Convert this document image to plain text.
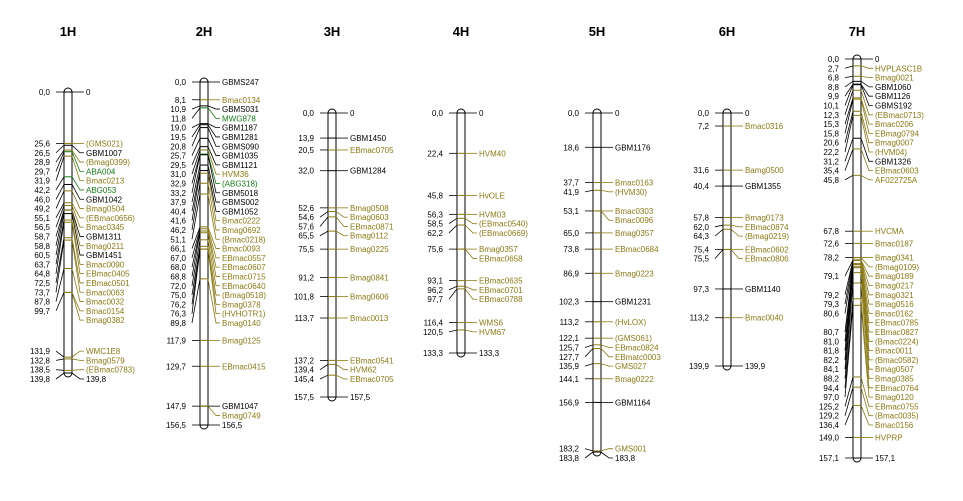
1H
0,0	0
25,6	(GMS021)
26,5	GBM1007
28,9	(Bmag0399)
29,7	ABA004
31,9	Bmac0213
42,2	ABG053
46,0	GBM1042
49,2	Bmag0504
55,1	(EBmac0656)
56,5	Bmac0345
58,7	GBM1311
58,8	Bmag0211
60,5	GBM1451
63,7	Bmac0090
64,8	EBmac0405
72,5	EBmac0501
73,7	Bmac0063
87,8	Bmac0032
99,7	Bmac0154
Bmag0382
131,9	WMC1E8
132,8	Bmag0579
138,5	(EBmac0783)
139,8	139,8
2H
0,0	GBMS247
8,1	Bmac0134
10,9	GBMS031
11,8	MWG878
19,0	GBM1187
19,5	GBM1281
20,8	GBMS090
25,7	GBM1035
29,5	GBM1121
31,0	HVM36
32,9	(ABG318)
33,2	GBM5018
37,9	GBMS002
40,4	GBM1052
41,6	Bmac0222
46,2	Bmag0692
51,1	(Bmac0218)
66,1	Bmac0093
67,0	EBmac0557
68,0	EBmac0607
68,8	EBmac0715
72,0	EBmac0640
75,0	(Bmag0518)
76,2	Bmag0378
76,3	(HVHOTR1)
89,8	Bmag0140
117,9	Bmag0125
129,7	EBmac0415
147,9	GBM1047
Bmag0749
156,5	156,5
3H
0,0	0
13,9	GBM1450
20,5	EBmac0705
32,0	GBM1284
52,6	Bmag0508
54,6	Bmag0603
57,6	EBmac0871
65,5	Bmag0112
75,5	Bmag0225
91,2	Bmag0841
101,8	Bmag0606
113,7	Bmac0013
137,2	EBmac0541
139,4	HVM62
145,4	EBmac0705
157,5	157,5
4H
0,0	0
22,4	HVM40
45,8	HvOLE
56,3	HVM03
58,5	(EBmac0540)
62,2	(EBmac0669)
75,6	Bmag0357
EBmac0658
93,1	EBmac0635
96,2	EBmac0701
97,7	EBmac0788
116,4	WMS6
120,5	HVM67
133,3	133,3
5H
0,0	0
18,6	GBM1176
37,7	Bmac0163
41,9	(HVM30)
53,1	Bmac0303
Bmac0096
65,0	Bmag0357
73,8	EBmac0684
86,9	Bmag0223
102,3	GBM1231
113,2	(HvLOX)
122,1	(GMS061)
125,7	EBmac0824
127,7	EBmatc0003
135,9	GMS027
144,1	Bmag0222
156,9	GBM1164
183,2	GMS001
183,8	183,8
6H
0,0	0
7,2	Bmac0316
31,6	Bamg0500
40,4	GBM1355
57,8	Bmag0173
62,0	EBmac0874
64,3	(Bmag0219)
75,4	EBmac0602
75,5	EBmac0806
97,3	GBM1140
113,2	Bmac0040
139,9	139,9
7H
0,0	0
2,7	HVPLASC1B
6,8	Bmag0021
8,8	GBM1060
9,9	GBM1126
10,1	GBMS192
12,3	(EBmac0713)
15,3	Bmac0206
15,8	EBmag0794
20,6	Bmag0007
22,2	(HVM04)
31,2	GBM1326
35,4	EBmac0603
45,8	AF022725A
67,8	HVCMA
72,6	Bmac0187
78,2	Bmag0341
(Bmag0109)
79,1	Bmag0189
Bmag0217
79,2	Bmag0321
79,3	Bmag0516
80,6	Bmac0162
EBmac0785
80,7	EBmac0827
81,0	(Bmac0224)
81,8	Bmac0011
82,2	(Bmac0582)
84,1	Bmag0507
88,2	Bmag0385
94,4	EBmac0764
97,0	Bmag0120
125,2	EBmac0755
129,2	(Bmac0035)
136,4	Bmac0156
149,0	HVPRP
157,1	157,1
